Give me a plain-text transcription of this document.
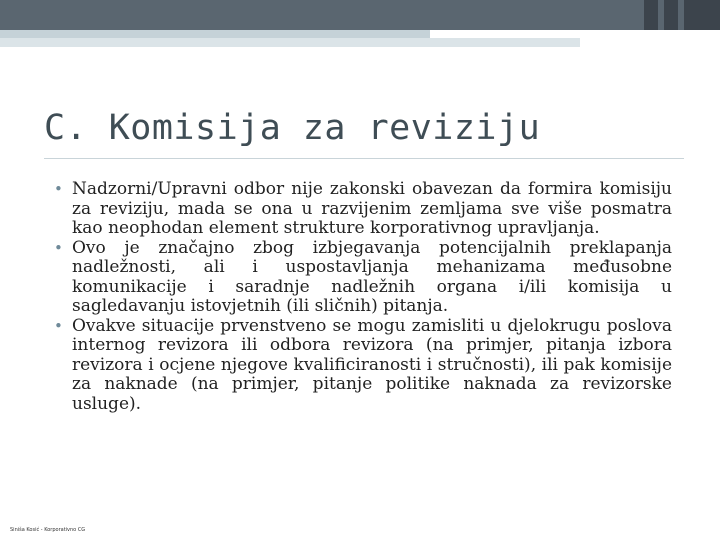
C. Komisija za reviziju
• Nadzorni/Upravni odbor nije zakonski obavezan da formira komisiju za reviziju, mada se ona u razvijenim zemljama sve više posmatra kao neophodan element strukture korporativnog upravljanja.
• Ovo je značajno zbog izbjegavanja potencijalnih preklapanja nadležnosti, ali i uspostavljanja mehanizama međusobne komunikacije i saradnje nadležnih organa i/ili komisija u sagledavanju istovjetnih (ili sličnih) pitanja.
• Ovakve situacije prvenstveno se mogu zamisliti u djelokrugu poslova internog revizora ili odbora revizora (na primjer, pitanja izbora revizora i ocjene njegove kvalificiranosti i stručnosti), ili pak komisije za naknade (na primjer, pitanje politike naknada za revizorske usluge).
Siniša Kosić - Korporativno CG
